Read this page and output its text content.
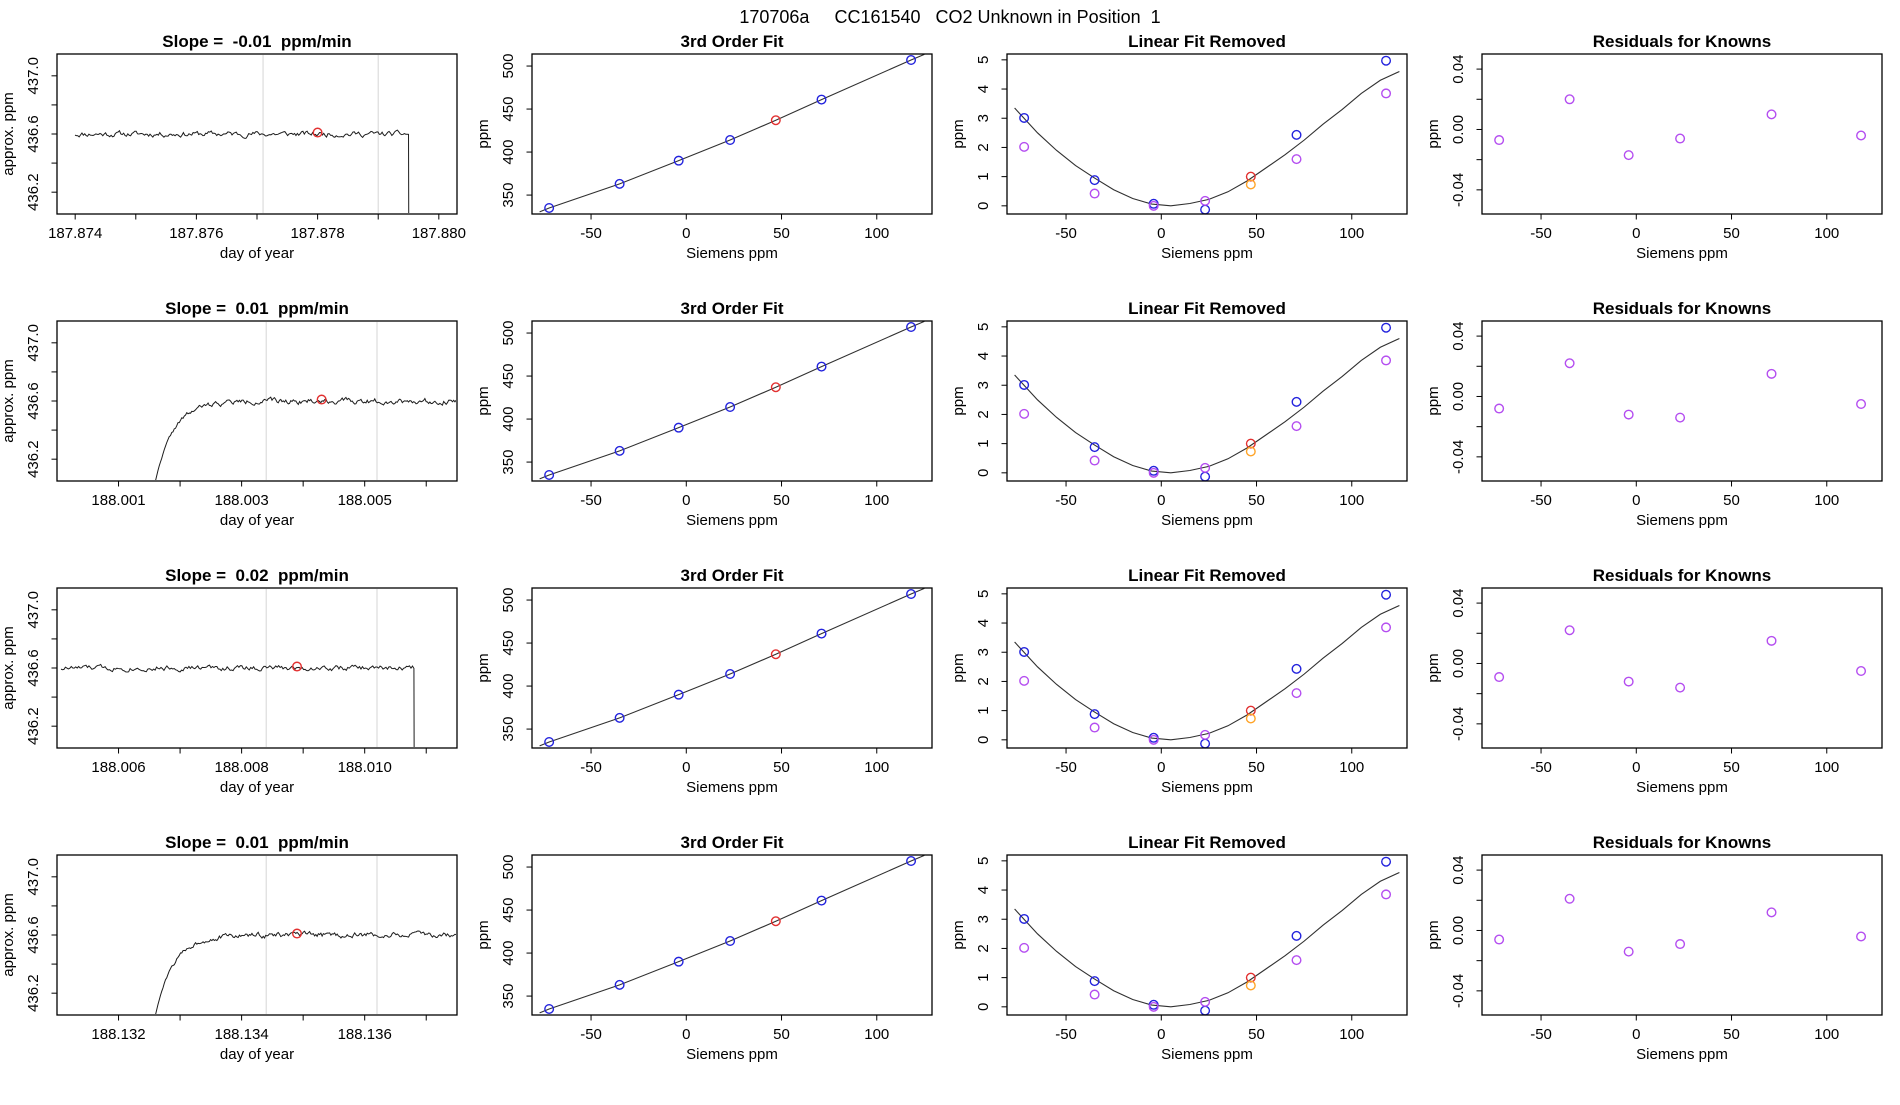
170706a     CC161540   CO2 Unknown in Position  1
Slope =  -0.01  ppm/min
187.874	187.876	187.878	187.880
day of year
436.2
436.6
437.0
approx. ppm
3rd Order Fit
-50	0	50	100
Siemens ppm
350
400
450
500
ppm
Linear Fit Removed
-50	0	50	100
Siemens ppm
0
1
2
3
4
5
ppm
Residuals for Knowns
-50	0	50	100
Siemens ppm
-0.04
0.00
0.04
ppm
Slope =  0.01  ppm/min
188.001	188.003	188.005
day of year
436.2
436.6
437.0
approx. ppm
3rd Order Fit
-50	0	50	100
Siemens ppm
350
400
450
500
ppm
Linear Fit Removed
-50	0	50	100
Siemens ppm
0
1
2
3
4
5
ppm
Residuals for Knowns
-50	0	50	100
Siemens ppm
-0.04
0.00
0.04
ppm
Slope =  0.02  ppm/min
188.006	188.008	188.010
day of year
436.2
436.6
437.0
approx. ppm
3rd Order Fit
-50	0	50	100
Siemens ppm
350
400
450
500
ppm
Linear Fit Removed
-50	0	50	100
Siemens ppm
0
1
2
3
4
5
ppm
Residuals for Knowns
-50	0	50	100
Siemens ppm
-0.04
0.00
0.04
ppm
Slope =  0.01  ppm/min
188.132	188.134	188.136
day of year
436.2
436.6
437.0
approx. ppm
3rd Order Fit
-50	0	50	100
Siemens ppm
350
400
450
500
ppm
Linear Fit Removed
-50	0	50	100
Siemens ppm
0
1
2
3
4
5
ppm
Residuals for Knowns
-50	0	50	100
Siemens ppm
-0.04
0.00
0.04
ppm
